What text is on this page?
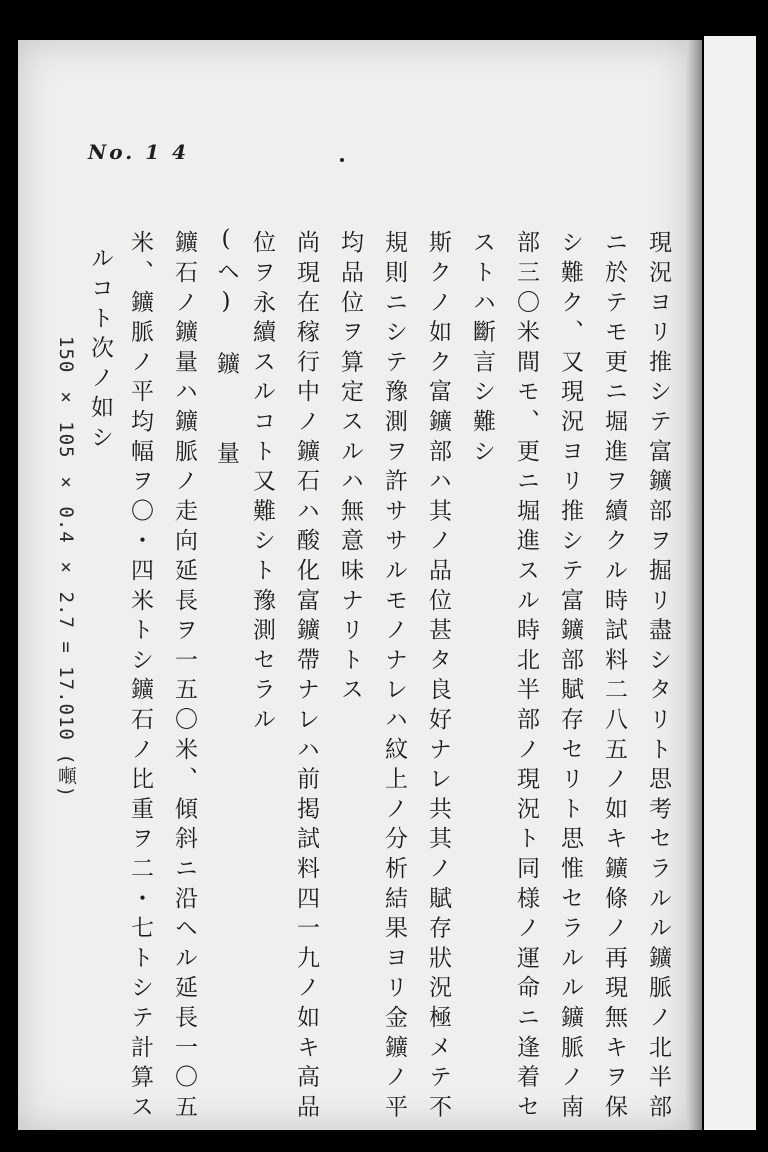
No. 1 4
現況ヨリ推シテ富鑛部ヲ掘リ盡シタリト思考セラルル鑛脈ノ北半部
ニ於テモ更ニ堀進ヲ續クル時試料二八五ノ如キ鑛條ノ再現無キヲ保
シ難ク、又現況ヨリ推シテ富鑛部賦存セリト思惟セラルル鑛脈ノ南
部三〇米間モ、更ニ堀進スル時北半部ノ現況ト同様ノ運命ニ逢着セ
ストハ斷言シ難シ
斯クノ如ク富鑛部ハ其ノ品位甚タ良好ナレ共其ノ賦存狀況極メテ不
規則ニシテ豫測ヲ許ササルモノナレハ紋上ノ分析結果ヨリ金鑛ノ平
均品位ヲ算定スルハ無意味ナリトス
尚現在稼行中ノ鑛石ハ酸化富鑛帶ナレハ前掲試料四一九ノ如キ高品
位ヲ永續スルコト又難シト豫測セラル
(ヘ)　鑛　　量
鑛石ノ鑛量ハ鑛脈ノ走向延長ヲ一五〇米、傾斜ニ沿ヘル延長一〇五
米、鑛脈ノ平均幅ヲ〇・四米トシ鑛石ノ比重ヲ二・七トシテ計算ス
ルコト次ノ如シ
150 × 105 × 0.4 × 2.7 = 17.010 (噸)
